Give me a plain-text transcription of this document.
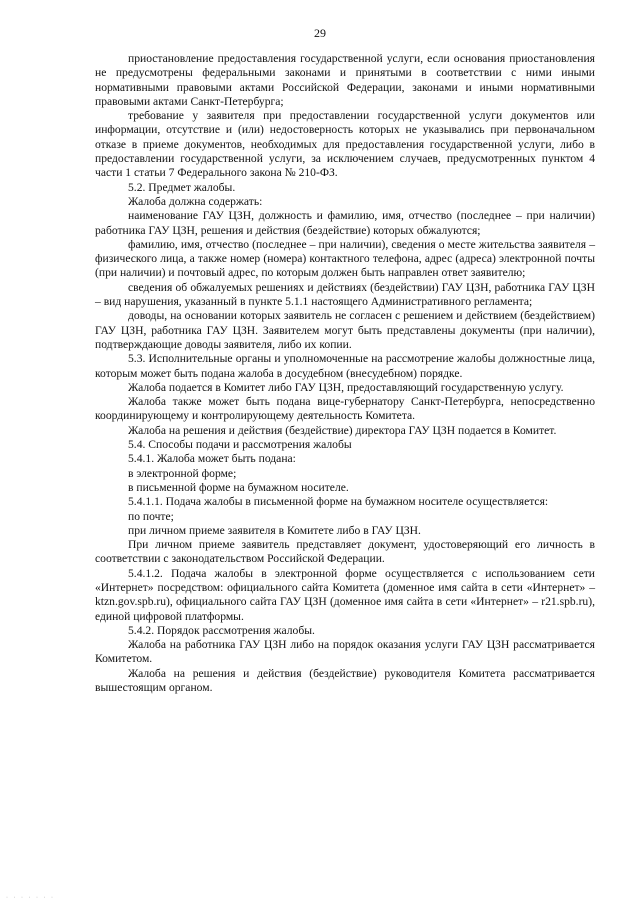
29

приостановление предоставления государственной услуги, если основания приостановления не предусмотрены федеральными законами и принятыми в соответствии с ними иными нормативными правовыми актами Российской Федерации, законами и иными нормативными правовыми актами Санкт-Петербурга;

требование у заявителя при предоставлении государственной услуги документов или информации, отсутствие и (или) недостоверность которых не указывались при первоначальном отказе в приеме документов, необходимых для предоставления государственной услуги, либо в предоставлении государственной услуги, за исключением случаев, предусмотренных пунктом 4 части 1 статьи 7 Федерального закона № 210-ФЗ.

5.2. Предмет жалобы.

Жалоба должна содержать:

наименование ГАУ ЦЗН, должность и фамилию, имя, отчество (последнее – при наличии) работника ГАУ ЦЗН, решения и действия (бездействие) которых обжалуются;

фамилию, имя, отчество (последнее – при наличии), сведения о месте жительства заявителя – физического лица, а также номер (номера) контактного телефона, адрес (адреса) электронной почты (при наличии) и почтовый адрес, по которым должен быть направлен ответ заявителю;

сведения об обжалуемых решениях и действиях (бездействии) ГАУ ЦЗН, работника ГАУ ЦЗН – вид нарушения, указанный в пункте 5.1.1 настоящего Административного регламента;

доводы, на основании которых заявитель не согласен с решением и действием (бездействием) ГАУ ЦЗН, работника ГАУ ЦЗН. Заявителем могут быть представлены документы (при наличии), подтверждающие доводы заявителя, либо их копии.

5.3. Исполнительные органы и уполномоченные на рассмотрение жалобы должностные лица, которым может быть подана жалоба в досудебном (внесудебном) порядке.

Жалоба подается в Комитет либо ГАУ ЦЗН, предоставляющий государственную услугу.

Жалоба также может быть подана вице-губернатору Санкт-Петербурга, непосредственно координирующему и контролирующему деятельность Комитета.

Жалоба на решения и действия (бездействие) директора ГАУ ЦЗН подается в Комитет.

5.4. Способы подачи и рассмотрения жалобы

5.4.1. Жалоба может быть подана:

в электронной форме;

в письменной форме на бумажном носителе.

5.4.1.1. Подача жалобы в письменной форме на бумажном носителе осуществляется:

по почте;

при личном приеме заявителя в Комитете либо в ГАУ ЦЗН.

При личном приеме заявитель представляет документ, удостоверяющий его личность в соответствии с законодательством Российской Федерации.

5.4.1.2. Подача жалобы в электронной форме осуществляется с использованием сети «Интернет» посредством: официального сайта Комитета (доменное имя сайта в сети «Интернет» – ktzn.gov.spb.ru), официального сайта ГАУ ЦЗН (доменное имя сайта в сети «Интернет» – r21.spb.ru), единой цифровой платформы.

5.4.2. Порядок рассмотрения жалобы.

Жалоба на работника ГАУ ЦЗН либо на порядок оказания услуги ГАУ ЦЗН рассматривается Комитетом.

Жалоба на решения и действия (бездействие) руководителя Комитета рассматривается вышестоящим органом.

· · · · · · ·
